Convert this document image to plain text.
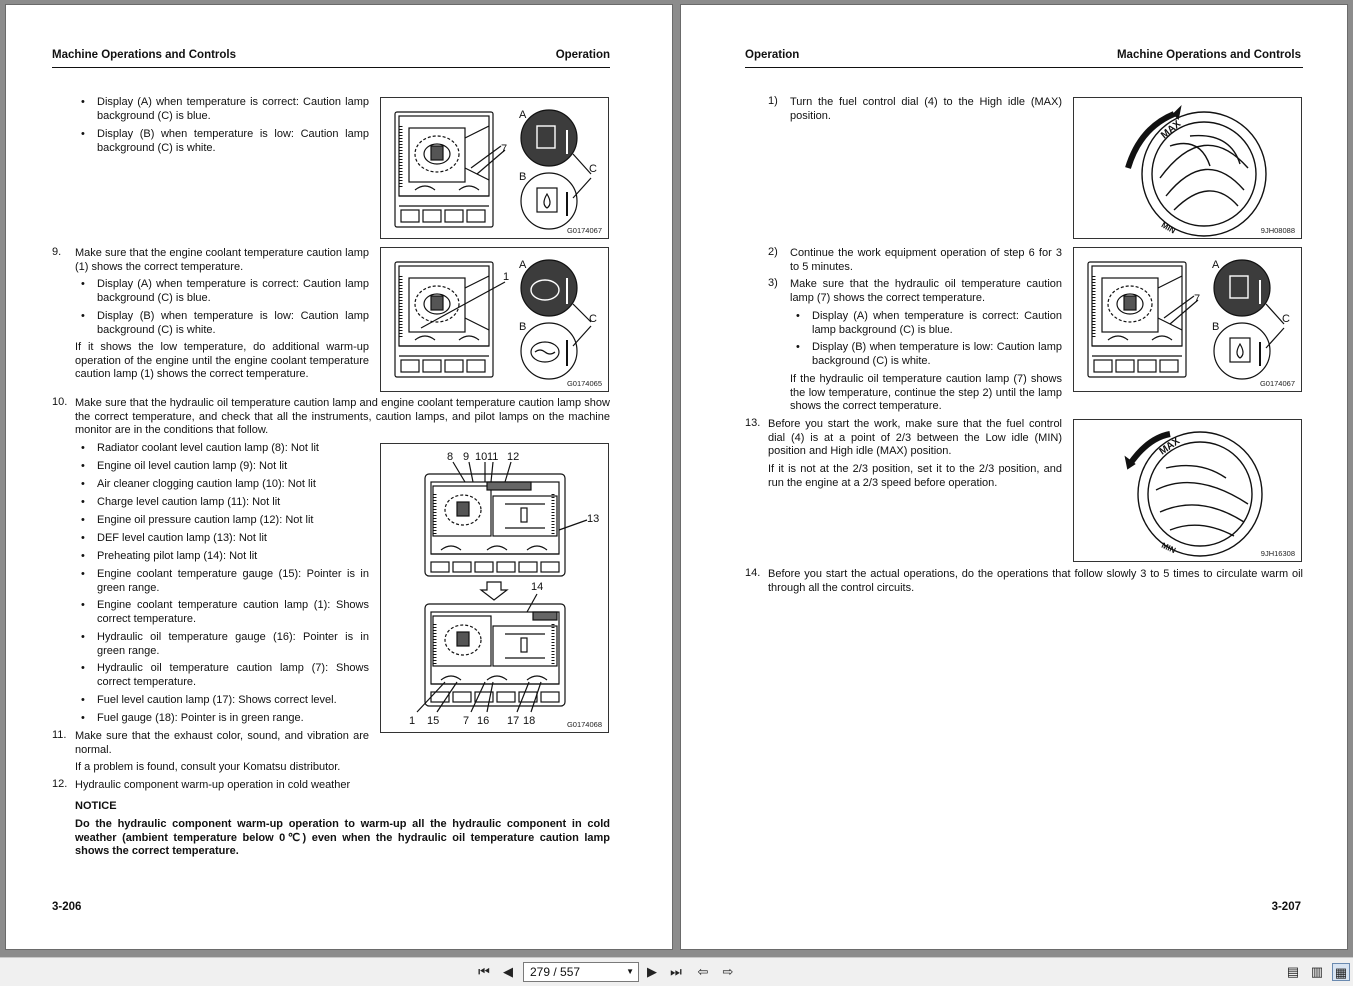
Machine Operations and Controls	Operation
• Display (A) when temperature is correct: Caution lamp background (C) is blue.
• Display (B) when temperature is low: Caution lamp background (C) is white.
9. Make sure that the engine coolant temperature caution lamp (1) shows the correct temperature.
• Display (A) when temperature is correct: Caution lamp background (C) is blue.
• Display (B) when temperature is low: Caution lamp background (C) is white.
If it shows the low temperature, do additional warm-up operation of the engine until the engine coolant temperature caution lamp (1) shows the correct temperature.
10. Make sure that the hydraulic oil temperature caution lamp and engine coolant temperature caution lamp show the correct temperature, and check that all the instruments, caution lamps, and pilot lamps on the machine monitor are in the conditions that follow.
• Radiator coolant level caution lamp (8): Not lit
• Engine oil level caution lamp (9): Not lit
• Air cleaner clogging caution lamp (10): Not lit
• Charge level caution lamp (11): Not lit
• Engine oil pressure caution lamp (12): Not lit
• DEF level caution lamp (13): Not lit
• Preheating pilot lamp (14): Not lit
• Engine coolant temperature gauge (15): Pointer is in green range.
• Engine coolant temperature caution lamp (1): Shows correct temperature.
• Hydraulic oil temperature gauge (16): Pointer is in green range.
• Hydraulic oil temperature caution lamp (7): Shows correct temperature.
• Fuel level caution lamp (17): Shows correct level.
• Fuel gauge (18): Pointer is in green range.
11. Make sure that the exhaust color, sound, and vibration are normal.
If a problem is found, consult your Komatsu distributor.
12. Hydraulic component warm-up operation in cold weather
NOTICE
Do the hydraulic component warm-up operation to warm-up all the hydraulic component in cold weather (ambient temperature below 0℃) even when the hydraulic oil temperature caution lamp shows the correct temperature.
3-206
A
B
C
7
G0174067
A
B
C
1
G0174065
8 9 10 11 12
13
14
1 15 7 16 17 18	G0174068
Operation	Machine Operations and Controls
1) Turn the fuel control dial (4) to the High idle (MAX) position.
2) Continue the work equipment operation of step 6 for 3 to 5 minutes.
3) Make sure that the hydraulic oil temperature caution lamp (7) shows the correct temperature.
• Display (A) when temperature is correct: Caution lamp background (C) is blue.
• Display (B) when temperature is low: Caution lamp background (C) is white.
If the hydraulic oil temperature caution lamp (7) shows the low temperature, continue the step 2) until the lamp shows the correct temperature.
13. Before you start the work, make sure that the fuel control dial (4) is at a point of 2/3 between the Low idle (MIN) position and High idle (MAX) position.
If it is not at the 2/3 position, set it to the 2/3 position, and run the engine at a 2/3 speed before operation.
14. Before you start the actual operations, do the operations that follow slowly 3 to 5 times to circulate warm oil through all the control circuits.
3-207
MAX
MIN	9JH08088
A
B
C
7
G0174067
MAX
MIN	9JH16308
⏮	◀	279 / 557	▼	▶	⏭ ⇦ ⇨	▤ ▥ ▦
